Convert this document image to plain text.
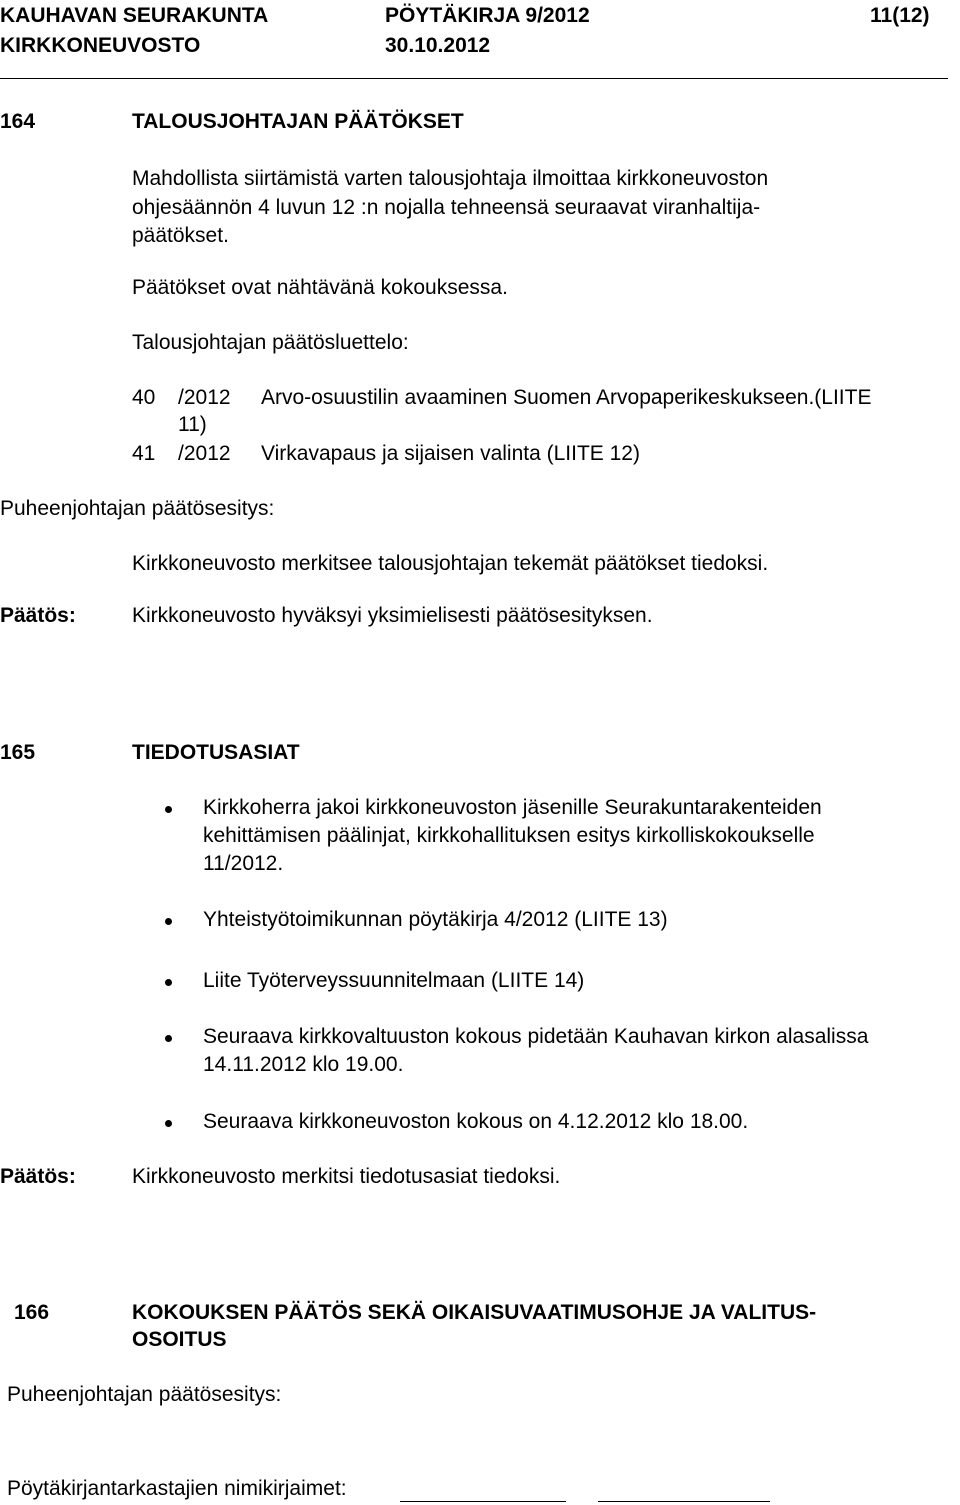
KAUHAVAN SEURAKUNTA	PÖYTÄKIRJA 9/2012	11(12)
KIRKKONEUVOSTO	30.10.2012
164	TALOUSJOHTAJAN PÄÄTÖKSET
Mahdollista siirtämistä varten talousjohtaja ilmoittaa kirkkoneuvoston
ohjesäännön 4 luvun 12 :n nojalla tehneensä seuraavat viranhaltija-
päätökset.
Päätökset ovat nähtävänä kokouksessa.
Talousjohtajan päätösluettelo:
40 /2012 Arvo-osuustilin avaaminen Suomen Arvopaperikeskukseen.(LIITE
11)
41 /2012 Virkavapaus ja sijaisen valinta (LIITE 12)
Puheenjohtajan päätösesitys:
Kirkkoneuvosto merkitsee talousjohtajan tekemät päätökset tiedoksi.
Päätös:	Kirkkoneuvosto hyväksyi yksimielisesti päätösesityksen.
165	TIEDOTUSASIAT
Kirkkoherra jakoi kirkkoneuvoston jäsenille Seurakuntarakenteiden
kehittämisen päälinjat, kirkkohallituksen esitys kirkolliskokoukselle
11/2012.
Yhteistyötoimikunnan pöytäkirja 4/2012 (LIITE 13)
Liite Työterveyssuunnitelmaan (LIITE 14)
Seuraava kirkkovaltuuston kokous pidetään Kauhavan kirkon alasalissa
14.11.2012 klo 19.00.
Seuraava kirkkoneuvoston kokous on 4.12.2012 klo 18.00.
Päätös:	Kirkkoneuvosto merkitsi tiedotusasiat tiedoksi.
166	KOKOUKSEN PÄÄTÖS SEKÄ OIKAISUVAATIMUSOHJE JA VALITUS-
OSOITUS
Puheenjohtajan päätösesitys:
Pöytäkirjantarkastajien nimikirjaimet:
